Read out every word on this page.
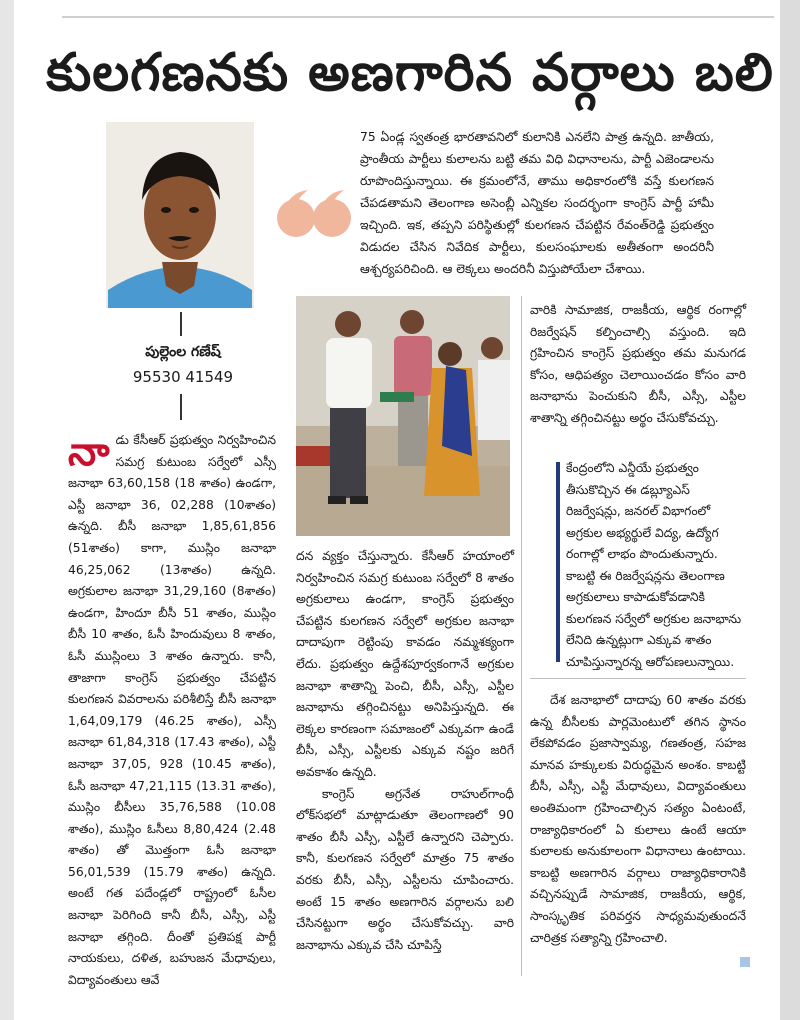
కులగణనకు అణగారిన వర్గాలు బలి
పుల్లెంల గణేష్
95530 41549

75 ఏండ్ల స్వతంత్ర భారతావనిలో కులానికి ఎనలేని పాత్ర ఉన్నది. జాతీయ, ప్రాంతీయ పార్టీలు కులాలను బట్టి తమ విధి విధానాలను, పార్టీ ఎజెండాలను రూపొందిస్తున్నాయి. ఈ క్రమంలోనే, తాము అధికారంలోకి వస్తే కులగణన చేపడతామని తెలంగాణ అసెంబ్లీ ఎన్నికల సందర్భంగా కాంగ్రెస్ పార్టీ హామీ ఇచ్చింది. ఇక, తప్పని పరిస్థితుల్లో కులగణన చేపట్టిన రేవంత్‌రెడ్డి ప్రభుత్వం విడుదల చేసిన నివేదిక పార్టీలు, కులసంఘాలకు అతీతంగా అందరినీ ఆశ్చర్యపరిచింది. ఆ లెక్కలు అందరినీ విస్తుపోయేలా చేశాయి.

నా డు కేసీఆర్ ప్రభుత్వం నిర్వహించిన సమగ్ర కుటుంబ సర్వేలో ఎస్సీ జనాభా 63,60,158 (18 శాతం) ఉండగా, ఎస్టీ జనాభా 36, 02,288 (10శాతం) ఉన్నది. బీసీ జనాభా 1,85,61,856 (51శాతం) కాగా, ముస్లిం జనాభా 46,25,062 (13శాతం) ఉన్నది. అగ్రకులాల జనాభా 31,29,160 (8శాతం) ఉండగా, హిందూ బీసీ 51 శాతం, ముస్లిం బీసీ 10 శాతం, ఓసీ హిందువులు 8 శాతం, ఓసీ ముస్లింలు 3 శాతం ఉన్నారు. కానీ, తాజాగా కాంగ్రెస్ ప్రభుత్వం చేపట్టిన కులగణన వివరాలను పరిశీలిస్తే బీసీ జనాభా 1,64,09,179 (46.25 శాతం), ఎస్సీ జనాభా 61,84,318 (17.43 శాతం), ఎస్టీ జనాభా 37,05, 928 (10.45 శాతం), ఓసీ జనాభా 47,21,115 (13.31 శాతం), ముస్లిం బీసీలు 35,76,588 (10.08 శాతం), ముస్లిం ఓసీలు 8,80,424 (2.48 శాతం) తో మొత్తంగా ఓసీ జనాభా 56,01,539 (15.79 శాతం) ఉన్నది. అంటే గత పదేండ్లలో రాష్ట్రంలో ఓసీల జనాభా పెరిగింది కానీ బీసీ, ఎస్సీ, ఎస్టీ జనాభా తగ్గింది. దీంతో ప్రతిపక్ష పార్టీ నాయకులు, దళిత, బహుజన మేధావులు, విద్యావంతులు ఆవే

దన వ్యక్తం చేస్తున్నారు. కేసీఆర్ హయాంలో నిర్వహించిన సమగ్ర కుటుంబ సర్వేలో 8 శాతం అగ్రకులాలు ఉండగా, కాంగ్రెస్ ప్రభుత్వం చేపట్టిన కులగణన సర్వేలో అగ్రకుల జనాభా దాదాపుగా రెట్టింపు కావడం నమ్మశక్యంగా లేదు. ప్రభుత్వం ఉద్దేశపూర్వకంగానే అగ్రకుల జనాభా శాతాన్ని పెంచి, బీసీ, ఎస్సీ, ఎస్టీల జనాభాను తగ్గించినట్టు అనిపిస్తున్నది. ఈ లెక్కల కారణంగా సమాజంలో ఎక్కువగా ఉండే బీసీ, ఎస్సీ, ఎస్టీలకు ఎక్కువ నష్టం జరిగే అవకాశం ఉన్నది.

కాంగ్రెస్ అగ్రనేత రాహుల్‌గాంధీ లోక్‌సభలో మాట్లాడుతూ తెలంగాణలో 90 శాతం బీసీ ఎస్సీ, ఎస్టీలే ఉన్నారని చెప్పారు. కానీ, కులగణన సర్వేలో మాత్రం 75 శాతం వరకు బీసీ, ఎస్సీ, ఎస్టీలను చూపించారు. అంటే 15 శాతం అణగారిన వర్గాలను బలి చేసినట్టుగా అర్థం చేసుకోవచ్చు. వారి జనాభాను ఎక్కువ చేసి చూపిస్తే

వారికి సామాజిక, రాజకీయ, ఆర్థిక రంగాల్లో రిజర్వేషన్ కల్పించాల్సి వస్తుంది. ఇది గ్రహించిన కాంగ్రెస్ ప్రభుత్వం తమ మనుగడ కోసం, ఆధిపత్యం చెలాయించడం కోసం వారి జనాభాను పెంచుకుని బీసీ, ఎస్సీ, ఎస్టీల శాతాన్ని తగ్గించినట్టు అర్థం చేసుకోవచ్చు.

కేంద్రంలోని ఎన్డీయే ప్రభుత్వం తీసుకొచ్చిన ఈ డబ్ల్యూఎస్ రిజర్వేషన్లు, జనరల్ విభాగంలో అగ్రకుల అభ్యర్థులే విద్య, ఉద్యోగ రంగాల్లో లాభం పొందుతున్నారు. కాబట్టి ఈ రిజర్వేషన్లను తెలంగాణ అగ్రకులాలు కాపాడుకోవడానికి కులగణన సర్వేలో అగ్రకుల జనాభాను లేనిది ఉన్నట్లుగా ఎక్కువ శాతం చూపిస్తున్నారన్న ఆరోపణలున్నాయి.

దేశ జనాభాలో దాదాపు 60 శాతం వరకు ఉన్న బీసీలకు పార్లమెంటులో తగిన స్థానం లేకపోవడం ప్రజాస్వామ్య, గణతంత్ర, సహజ మానవ హక్కులకు విరుద్ధమైన అంశం. కాబట్టి బీసీ, ఎస్సీ, ఎస్టీ మేధావులు, విద్యావంతులు అంతిమంగా గ్రహించాల్సిన సత్యం ఏంటంటే, రాజ్యాధికారంలో ఏ కులాలు ఉంటే ఆయా కులాలకు అనుకూలంగా విధానాలు ఉంటాయి. కాబట్టి అణగారిన వర్గాలు రాజ్యాధికారానికి వచ్చినప్పుడే సామాజిక, రాజకీయ, ఆర్థిక, సాంస్కృతిక పరివర్తన సాధ్యమవుతుందనే చారిత్రక సత్యాన్ని గ్రహించాలి.
